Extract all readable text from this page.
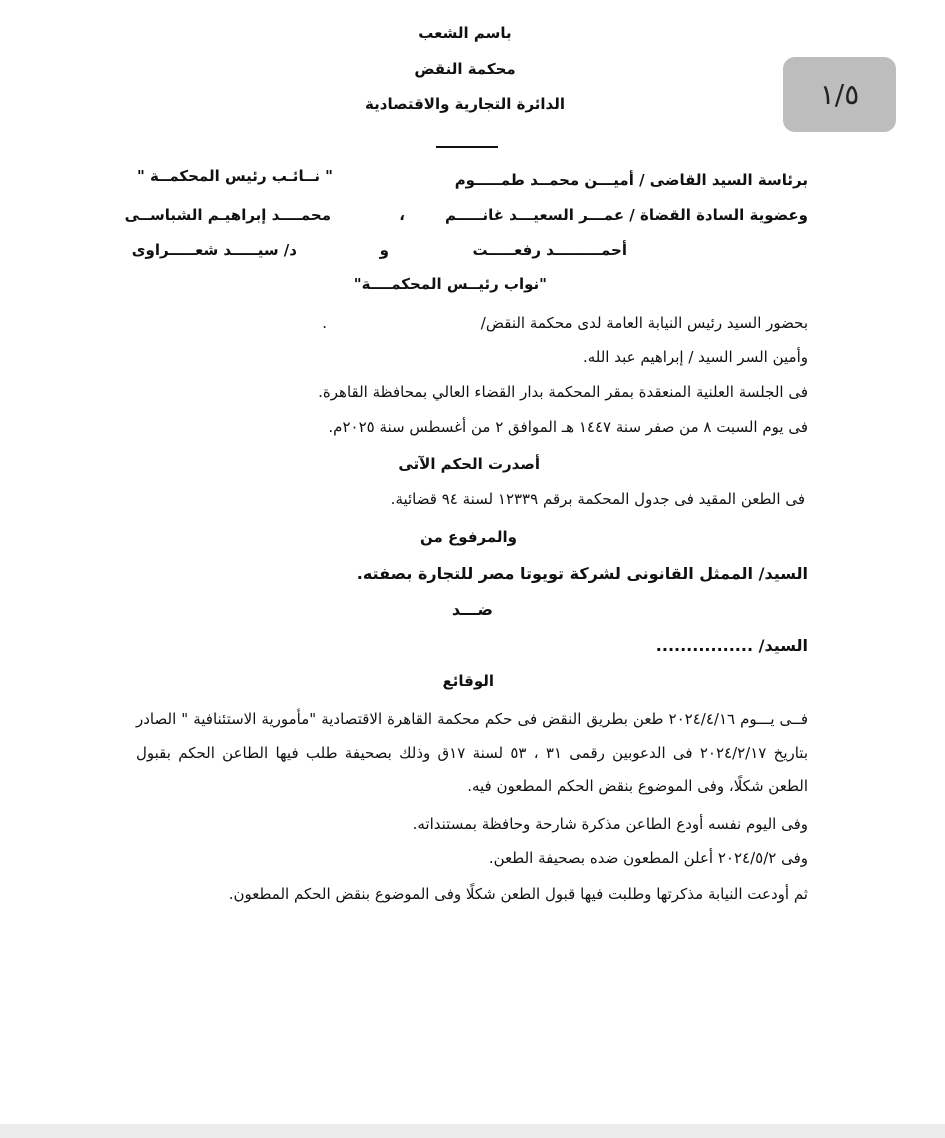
١/٥
باسم الشعب
محكمة النقض
الدائرة التجارية والاقتصادية
برئاسة السيد القاضى / أميـــن محمــد طمـــــوم
" نــائـب رئيس المحكمــة "
وعضوية السادة القضاة / عمـــر السعيـــد غانـــــم
،
محمــــد إبراهيـم الشباســى
أحمـــــــــد رفعـــــت
و
د/ سيـــــد شعـــــراوى
"نواب رئيــس المحكمــــة"
بحضور السيد رئيس النيابة العامة لدى محكمة النقض/
.
وأمين السر السيد / إبراهيم عبد الله.
فى الجلسة العلنية المنعقدة بمقر المحكمة بدار القضاء العالي بمحافظة القاهرة.
فى يوم السبت ٨ من صفر سنة ١٤٤٧ هـ الموافق ٢ من أغسطس سنة ٢٠٢٥م.
أصدرت الحكم الآتى
فى الطعن المقيد فى جدول المحكمة برقم ١٢٣٣٩ لسنة ٩٤ قضائية.
والمرفوع من
السيد/ الممثل القانونى لشركة تويوتا مصر للتجارة بصفته.
ضـــد
السيد/ ................
الوقائع
فــى يـــوم ٢٠٢٤/٤/١٦ طعن بطريق النقض فى حكم محكمة القاهرة الاقتصادية "مأمورية الاستئنافية " الصادر بتاريخ ٢٠٢٤/٢/١٧ فى الدعوبين رقمى ٣١ ، ٥٣ لسنة ١٧ق وذلك بصحيفة طلب فيها الطاعن الحكم بقبول الطعن شكلًا، وفى الموضوع بنقض الحكم المطعون فيه.
وفى اليوم نفسه أودع الطاعن مذكرة شارحة وحافظة بمستنداته.
وفى ٢٠٢٤/٥/٢ أعلن المطعون ضده بصحيفة الطعن.
ثم أودعت النيابة مذكرتها وطلبت فيها قبول الطعن شكلًا وفى الموضوع بنقض الحكم المطعون.
